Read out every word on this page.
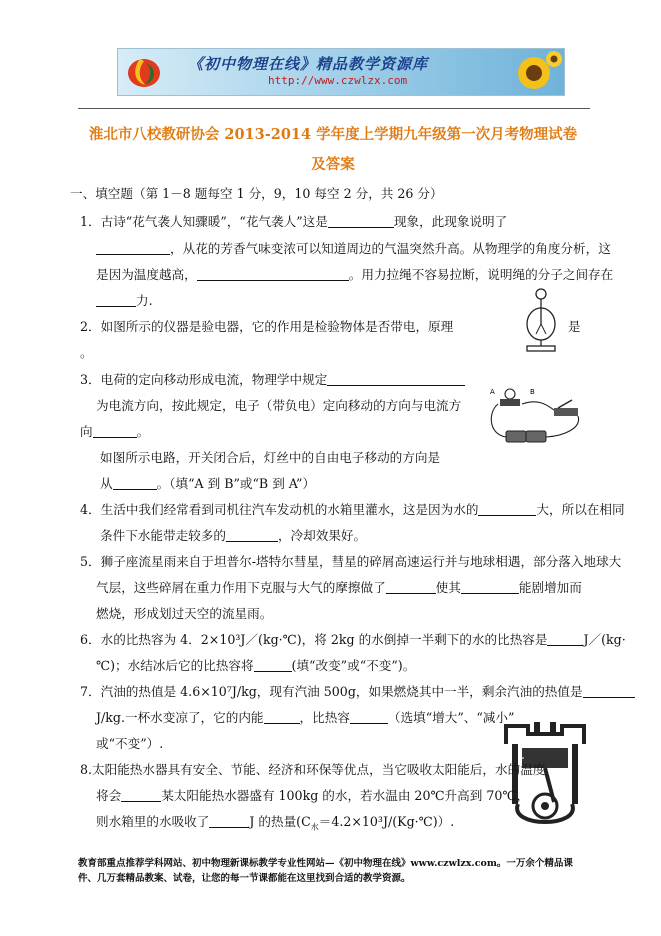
《初中物理在线》精品教学资源库
http://www.czwlzx.com
淮北市八校教研协会 2013-2014 学年度上学期九年级第一次月考物理试卷
及答案
一、填空题（第 1－8 题每空 1 分，9，10 每空 2 分，共 26 分）
1．古诗“花气袭人知骤暖”，“花气袭人”这是	现象，此现象说明了
，从花的芳香气味变浓可以知道周边的气温突然升高。从物理学的角度分析，这
是因为温度越高，	。用力拉绳不容易拉断，说明绳的分子之间存在
力.
2．如图所示的仪器是验电器，它的作用是检验物体是否带电，原理	是
。
3．电荷的定向移动形成电流，物理学中规定
为电流方向，按此规定，电子（带负电）定向移动的方向与电流方
向	。
如图所示电路，开关闭合后，灯丝中的自由电子移动的方向是
从	。（填“A 到 B”或“B 到 A”）
A	B
4．生活中我们经常看到司机往汽车发动机的水箱里灌水，这是因为水的	大，所以在相同
条件下水能带走较多的	，冷却效果好。
5．狮子座流星雨来自于坦普尔-塔特尔彗星，彗星的碎屑高速运行并与地球相遇，部分落入地球大
气层，这些碎屑在重力作用下克服与大气的摩擦做了	使其	能剧增加而
燃烧，形成划过天空的流星雨。
6．水的比热容为 4．2×10³J／(kg·℃)，将 2kg 的水倒掉一半剩下的水的比热容是	J／(kg·
℃)；水结冰后它的比热容将	(填“改变”或“不变”)。
7．汽油的热值是 4.6×10⁷J/kg，现有汽油 500g，如果燃烧其中一半，剩余汽油的热值是
J/kg.一杯水变凉了，它的内能	，比热容	（选填“增大”、“减小”
或“不变”）.
8.太阳能热水器具有安全、节能、经济和环保等优点，当它吸收太阳能后，水的温度
将会	某太阳能热水器盛有 100kg 的水，若水温由 20℃升高到 70℃，
则水箱里的水吸收了	J 的热量$(C_水=4.2\times 10^3J/(Kg\cdot℃))$.
教育部重点推荐学科网站、初中物理新课标教学专业性网站—《初中物理在线》www.czwlzx.com。一万余个精品课
件、几万套精品教案、试卷，让您的每一节课都能在这里找到合适的教学资源。
